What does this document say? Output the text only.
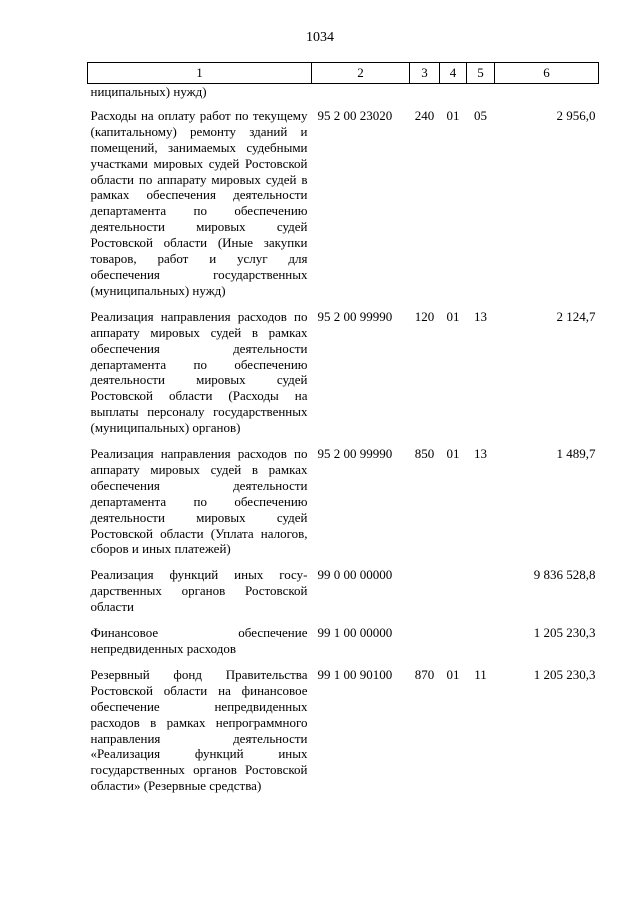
1034
1	2	3	4	5	6
ниципальных) нужд)					
Расходы на оплату работ по текущему (капитальному) ремонту зданий и помещений, занимаемых судебными участками мировых судей Ростовской области по аппарату мировых судей в рамках обеспечения деятельности департамента по обеспечению деятельности мировых судей Ростовской области (Иные закупки товаров, работ и услуг для обеспечения государственных (муниципальных) нужд)	95 2 00 23020	240	01	05	2 956,0
Реализация направления расходов по аппарату мировых судей в рамках обеспечения деятельности департамента по обеспечению деятельности мировых судей Ростовской области (Расходы на выплаты персоналу государственных (муниципальных) органов)	95 2 00 99990	120	01	13	2 124,7
Реализация направления расходов по аппарату мировых судей в рамках обеспечения деятельности департамента по обеспечению деятельности мировых судей Ростовской области (Уплата налогов, сборов и иных платежей)	95 2 00 99990	850	01	13	1 489,7
Реализация функций иных государственных органов Ростовской области	99 0 00 00000				9 836 528,8
Финансовое обеспечение непредвиденных расходов	99 1 00 00000				1 205 230,3
Резервный фонд Правительства Ростовской области на финансовое обеспечение непредвиденных расходов в рамках непрограммного направления деятельности «Реализация функций иных государственных органов Ростовской области» (Резервные средства)	99 1 00 90100	870	01	11	1 205 230,3
